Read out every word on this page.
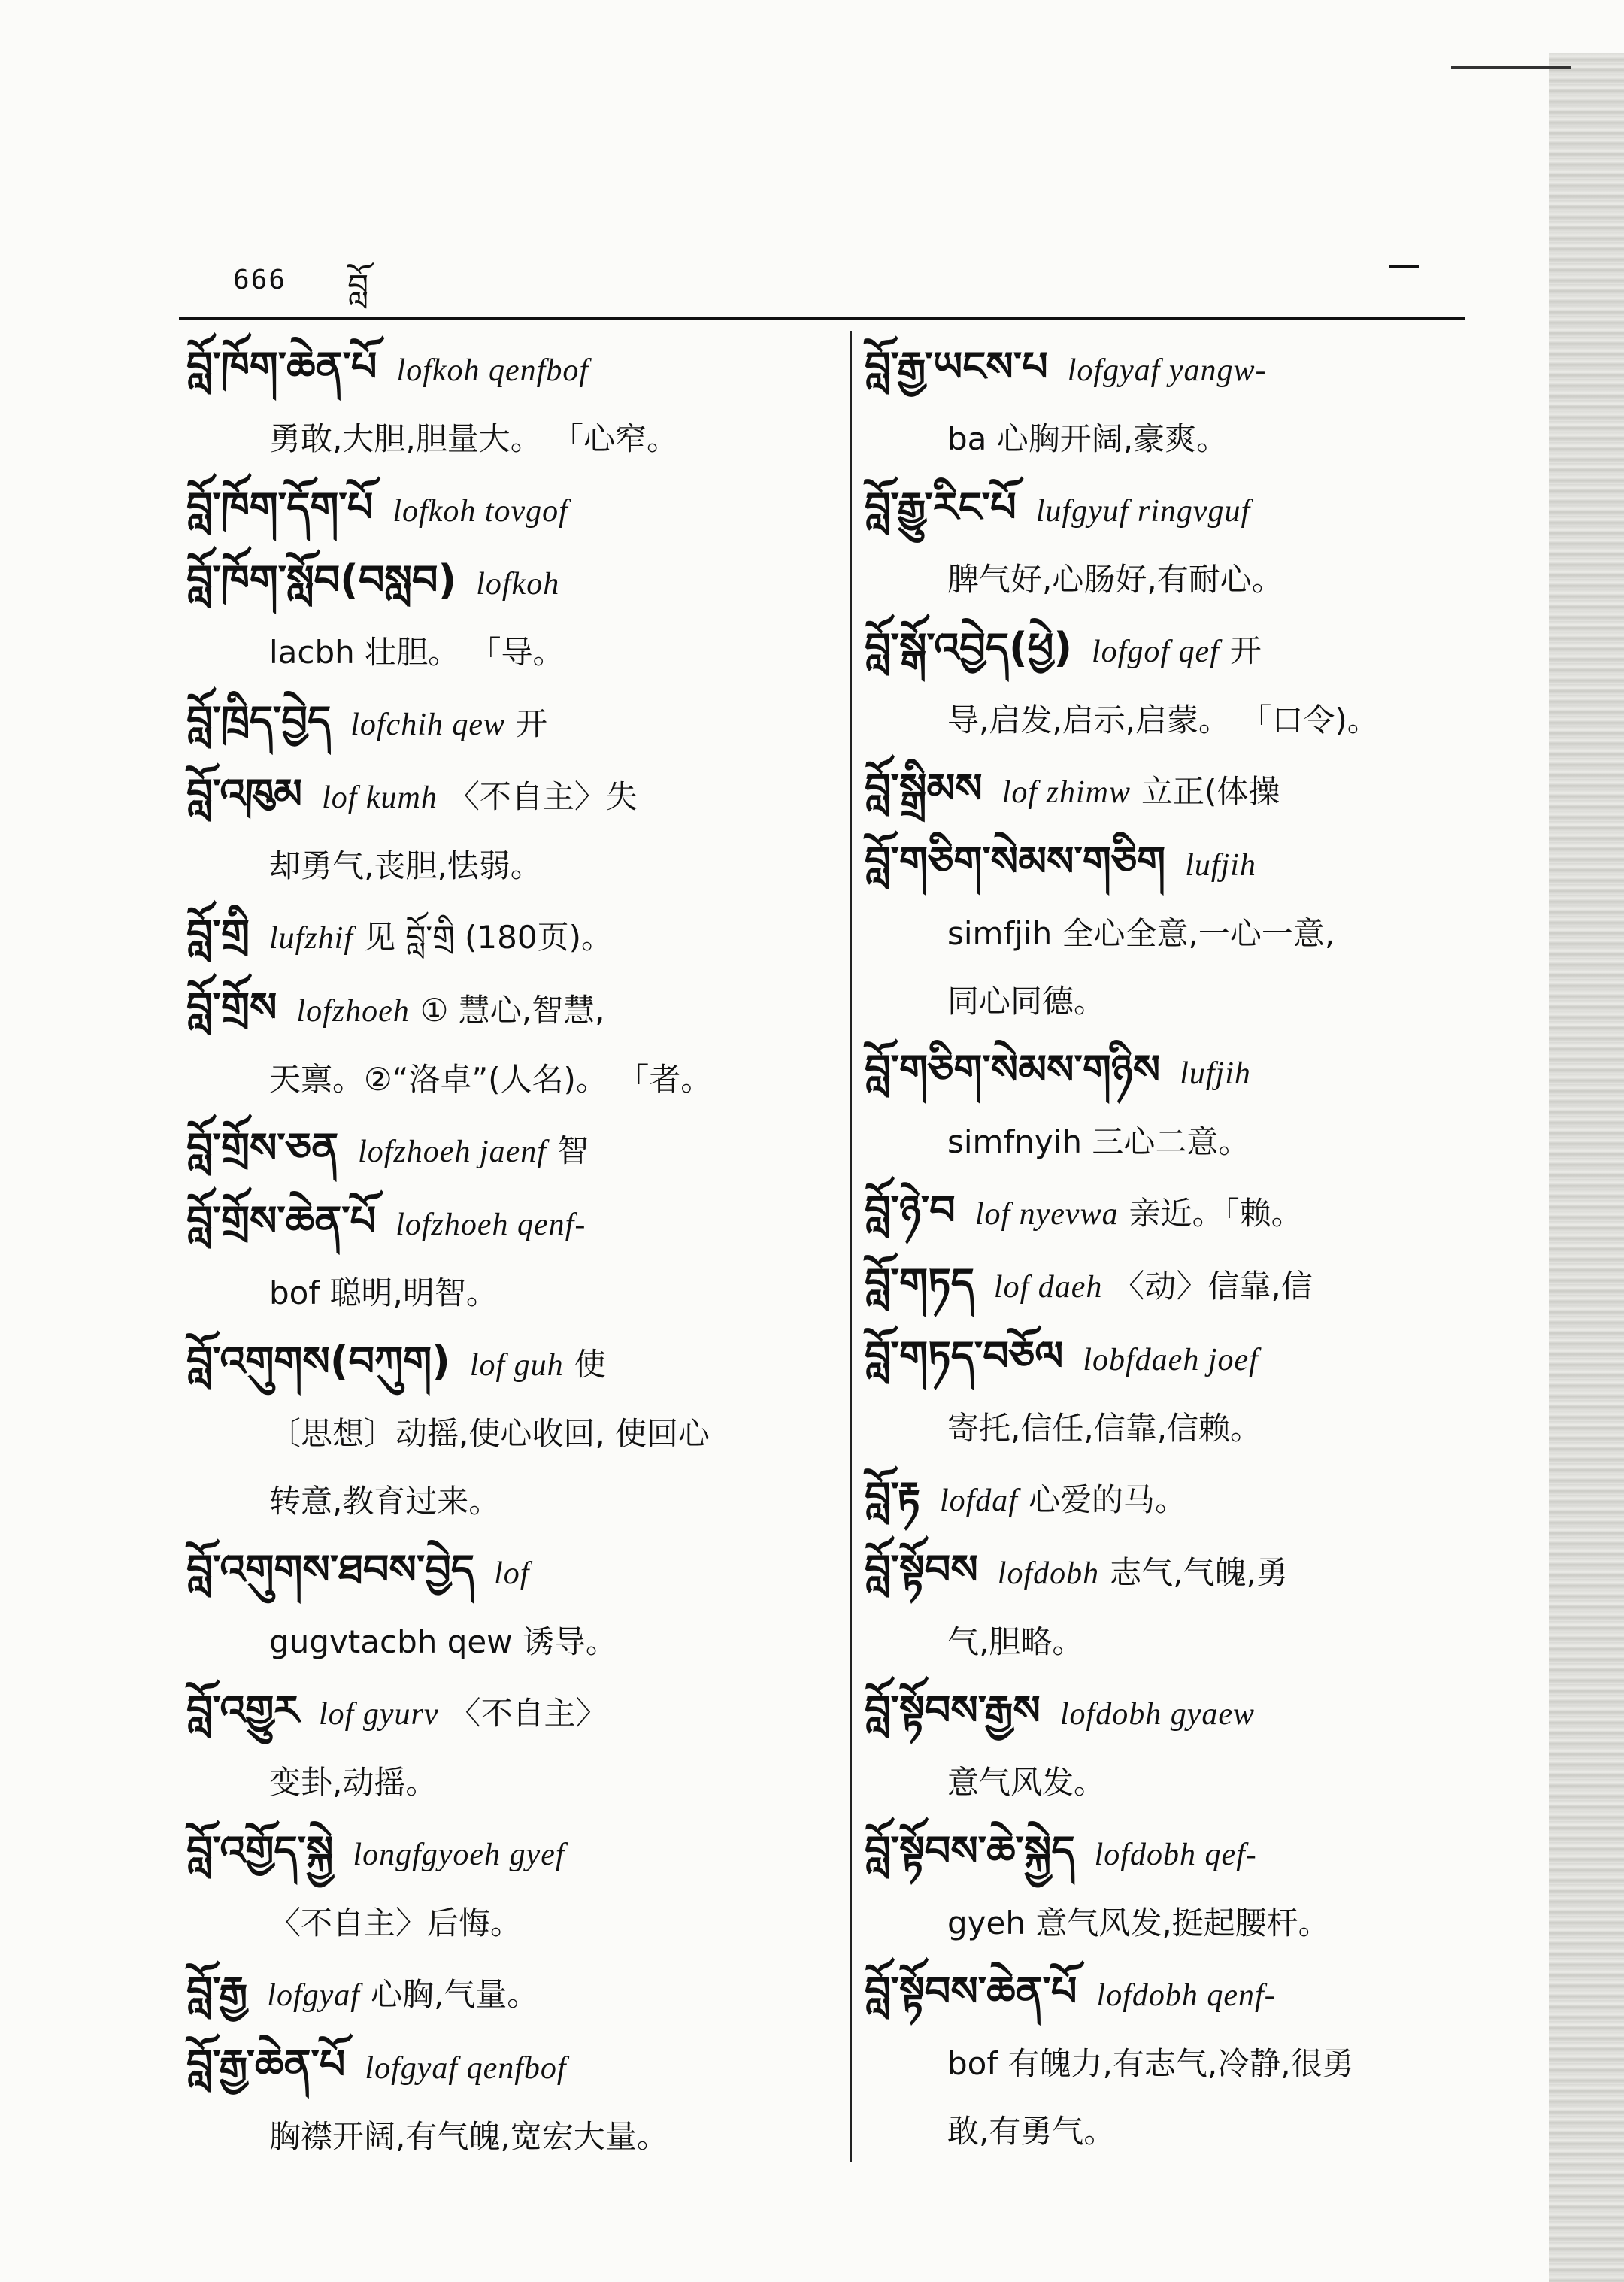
666 བློ
བློ་ཁོག་ཆེན་པོ lofkoh qenfbof
勇敢,大胆,胆量大。 「心窄。
བློ་ཁོག་དོག་པོ lofkoh tovgof
བློ་ཁོག་སློབ(བསླབ) lofkoh
lacbh 壮胆。 「导。
བློ་ཁྲིད་བྱེད lofchih qew 开
བློ་འཁུམ lof kumh 〈不自主〉失
却勇气,丧胆,怯弱。
བློ་གྲི lufzhif 见 བློ་གྲི (180页)。
བློ་གྲོས lofzhoeh ① 慧心,智慧,
天禀。②“洛卓”(人名)。 「者。
བློ་གྲོས་ཅན lofzhoeh jaenf 智
བློ་གྲོས་ཆེན་པོ lofzhoeh qenf-
bof 聪明,明智。
བློ་འགུགས(བཀུག) lof guh 使
〔思想〕动摇,使心收回, 使回心
转意,教育过来。
བློ་འགུགས་ཐབས་བྱེད lof
gugvtacbh qew 诱导。
བློ་འགྱུར lof gyurv 〈不自主〉
变卦,动摇。
བློ་འགྱོད་སྐྱེ longfgyoeh gyef
〈不自主〉后悔。
བློ་རྒྱ lofgyaf 心胸,气量。
བློ་རྒྱ་ཆེན་པོ lofgyaf qenfbof
胸襟开阔,有气魄,宽宏大量。
བློ་རྒྱ་ཡངས་པ lofgyaf yangw-
ba 心胸开阔,豪爽。
བློ་རྒྱུ་རིང་པོ lufgyuf ringvguf
脾气好,心肠好,有耐心。
བློ་སྒོ་འབྱེད(ཕྱེ) lofgof qef 开
导,启发,启示,启蒙。 「口令)。
བློ་སྒྲིམས lof zhimw 立正(体操
བློ་གཅིག་སེམས་གཅིག lufjih
simfjih 全心全意,一心一意,
同心同德。
བློ་གཅིག་སེམས་གཉིས lufjih
simfnyih 三心二意。
བློ་ཉེ་བ lof nyevwa 亲近。「赖。
བློ་གཏད lof daeh 〈动〉信靠,信
བློ་གཏད་བཅོལ lobfdaeh joef
寄托,信任,信靠,信赖。
བློ་རྟ lofdaf 心爱的马。
བློ་སྟོབས lofdobh 志气,气魄,勇
气,胆略。
བློ་སྟོབས་རྒྱས lofdobh gyaew
意气风发。
བློ་སྟོབས་ཆེ་སྐྱེད lofdobh qef-
gyeh 意气风发,挺起腰杆。
བློ་སྟོབས་ཆེན་པོ lofdobh qenf-
bof 有魄力,有志气,冷静,很勇
敢,有勇气。
